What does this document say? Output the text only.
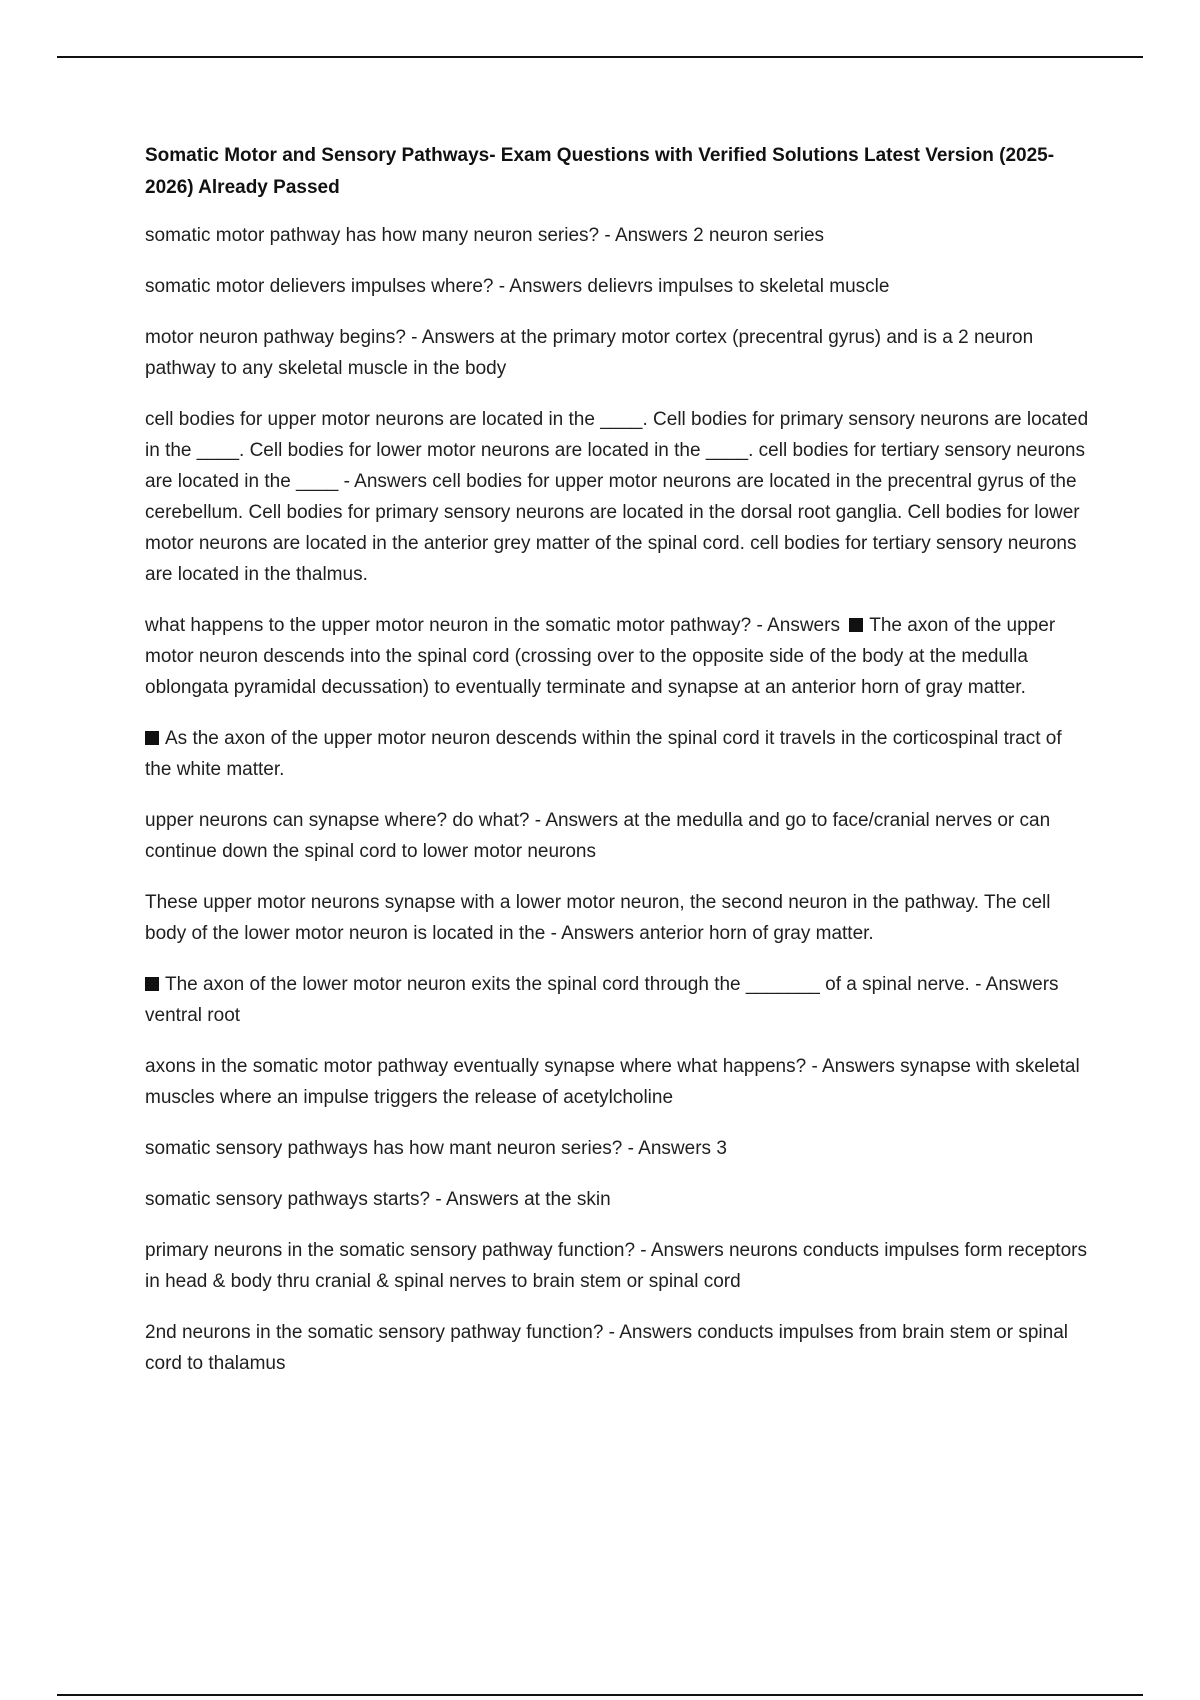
Somatic Motor and Sensory Pathways- Exam Questions with Verified Solutions Latest Version (2025-2026) Already Passed

somatic motor pathway has how many neuron series? - Answers 2 neuron series

somatic motor delievers impulses where? - Answers delievrs impulses to skeletal muscle

motor neuron pathway begins? - Answers at the primary motor cortex (precentral gyrus) and is a 2 neuron pathway to any skeletal muscle in the body

cell bodies for upper motor neurons are located in the ____. Cell bodies for primary sensory neurons are located in the ____. Cell bodies for lower motor neurons are located in the ____. cell bodies for tertiary sensory neurons are located in the ____ - Answers cell bodies for upper motor neurons are located in the precentral gyrus of the cerebellum. Cell bodies for primary sensory neurons are located in the dorsal root ganglia. Cell bodies for lower motor neurons are located in the anterior grey matter of the spinal cord. cell bodies for tertiary sensory neurons are located in the thalmus.

what happens to the upper motor neuron in the somatic motor pathway? - Answers The axon of the upper motor neuron descends into the spinal cord (crossing over to the opposite side of the body at the medulla oblongata pyramidal decussation) to eventually terminate and synapse at an anterior horn of gray matter.

As the axon of the upper motor neuron descends within the spinal cord it travels in the corticospinal tract of the white matter.

upper neurons can synapse where? do what? - Answers at the medulla and go to face/cranial nerves or can continue down the spinal cord to lower motor neurons

These upper motor neurons synapse with a lower motor neuron, the second neuron in the pathway. The cell body of the lower motor neuron is located in the - Answers anterior horn of gray matter.

The axon of the lower motor neuron exits the spinal cord through the _______ of a spinal nerve. - Answers ventral root

axons in the somatic motor pathway eventually synapse where what happens? - Answers synapse with skeletal muscles where an impulse triggers the release of acetylcholine

somatic sensory pathways has how mant neuron series? - Answers 3

somatic sensory pathways starts? - Answers at the skin

primary neurons in the somatic sensory pathway function? - Answers neurons conducts impulses form receptors in head & body thru cranial & spinal nerves to brain stem or spinal cord

2nd neurons in the somatic sensory pathway function? - Answers conducts impulses from brain stem or spinal cord to thalamus
